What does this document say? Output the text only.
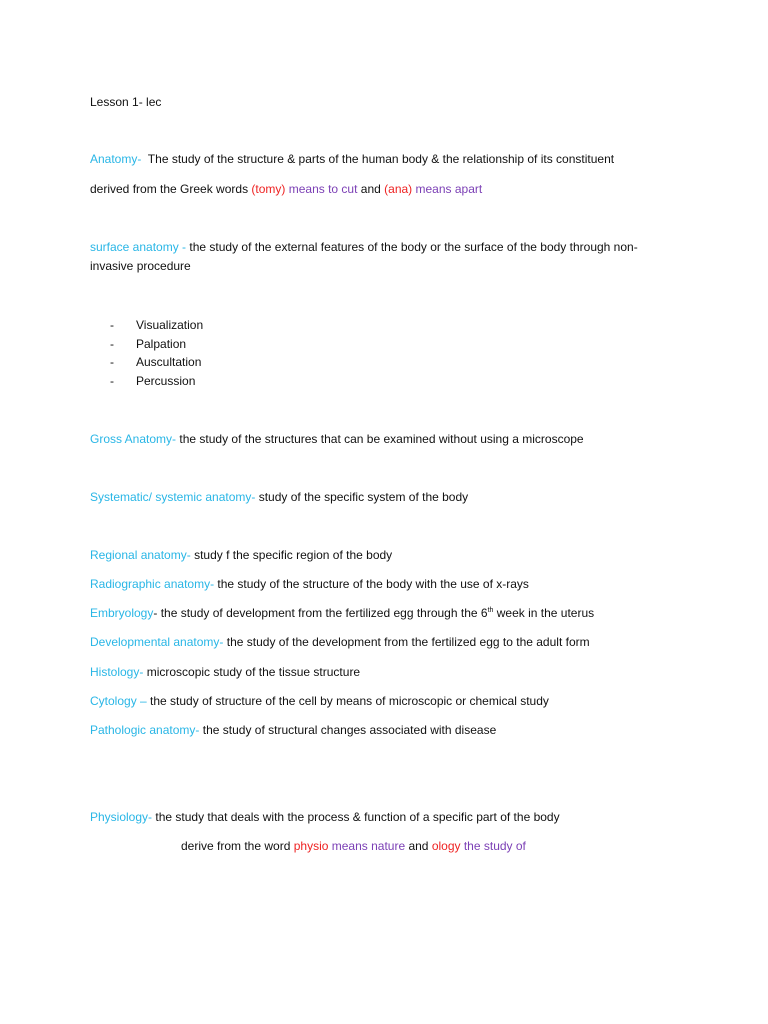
Lesson 1- lec
Anatomy-  The study of the structure & parts of the human body & the relationship of its constituent
derived from the Greek words (tomy) means to cut and (ana) means apart
surface anatomy - the study of the external features of the body or the surface of the body through non-
invasive procedure
- Visualization
- Palpation
- Auscultation
- Percussion
Gross Anatomy- the study of the structures that can be examined without using a microscope
Systematic/ systemic anatomy- study of the specific system of the body
Regional anatomy- study f the specific region of the body
Radiographic anatomy- the study of the structure of the body with the use of x-rays
Embryology- the study of development from the fertilized egg through the 6th week in the uterus
Developmental anatomy- the study of the development from the fertilized egg to the adult form
Histology- microscopic study of the tissue structure
Cytology – the study of structure of the cell by means of microscopic or chemical study
Pathologic anatomy- the study of structural changes associated with disease
Physiology- the study that deals with the process & function of a specific part of the body
derive from the word physio means nature and ology the study of
